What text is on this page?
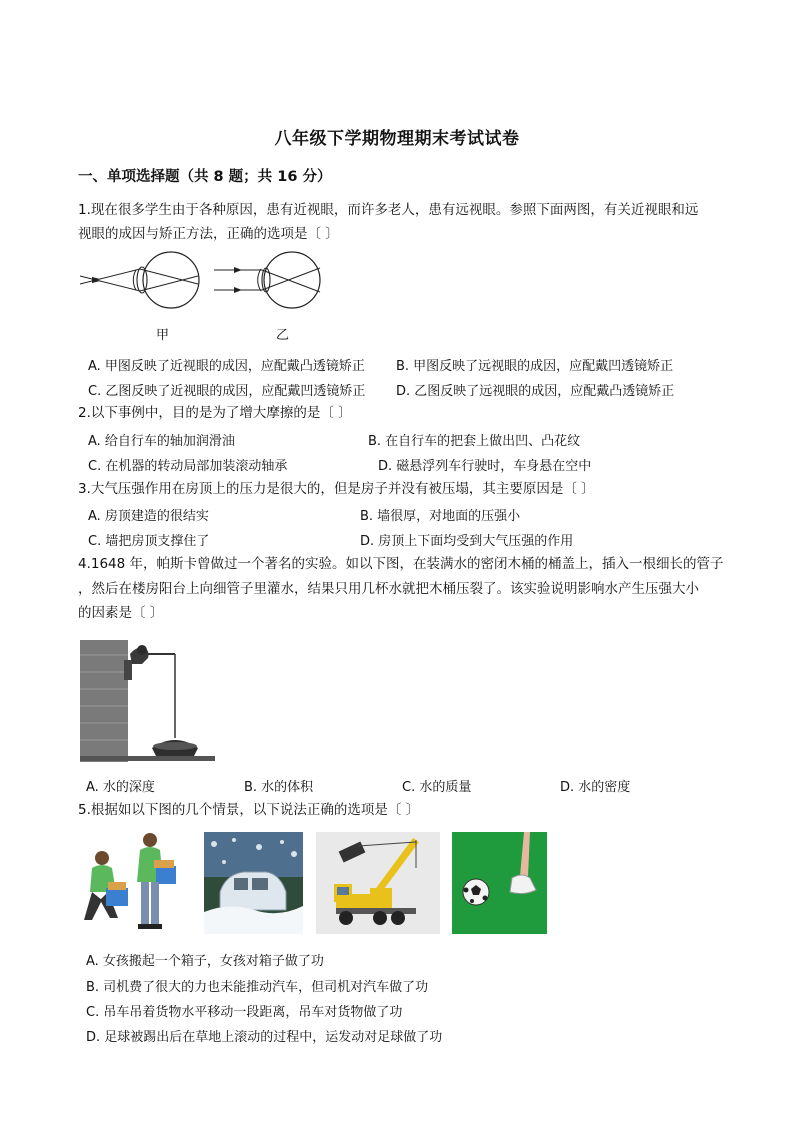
八年级下学期物理期末考试试卷
一、单项选择题（共 8 题；共 16 分）
1.现在很多学生由于各种原因，患有近视眼，而许多老人，患有远视眼。参照下面两图，有关近视眼和远
视眼的成因与矫正方法，正确的选项是〔 〕
甲	乙
A. 甲图反映了近视眼的成因，应配戴凸透镜矫正 B. 甲图反映了远视眼的成因，应配戴凹透镜矫正
C. 乙图反映了近视眼的成因，应配戴凹透镜矫正 D. 乙图反映了远视眼的成因，应配戴凸透镜矫正
2.以下事例中，目的是为了增大摩擦的是〔 〕
A. 给自行车的轴加润滑油	B. 在自行车的把套上做出凹、凸花纹
C. 在机器的转动局部加装滚动轴承	D. 磁悬浮列车行驶时，车身悬在空中
3.大气压强作用在房顶上的压力是很大的，但是房子并没有被压塌，其主要原因是〔 〕
A. 房顶建造的很结实	B. 墙很厚，对地面的压强小
C. 墙把房顶支撑住了	D. 房顶上下面均受到大气压强的作用
4.1648 年，帕斯卡曾做过一个著名的实验。如以下图，在装满水的密闭木桶的桶盖上，插入一根细长的管子
，然后在楼房阳台上向细管子里灌水，结果只用几杯水就把木桶压裂了。该实验说明影响水产生压强大小
的因素是〔 〕
A. 水的深度	B. 水的体积	C. 水的质量	D. 水的密度
5.根据如以下图的几个情景，以下说法正确的选项是〔 〕
A. 女孩搬起一个箱子，女孩对箱子做了功
B. 司机费了很大的力也未能推动汽车，但司机对汽车做了功
C. 吊车吊着货物水平移动一段距离，吊车对货物做了功
D. 足球被踢出后在草地上滚动的过程中，运发动对足球做了功
